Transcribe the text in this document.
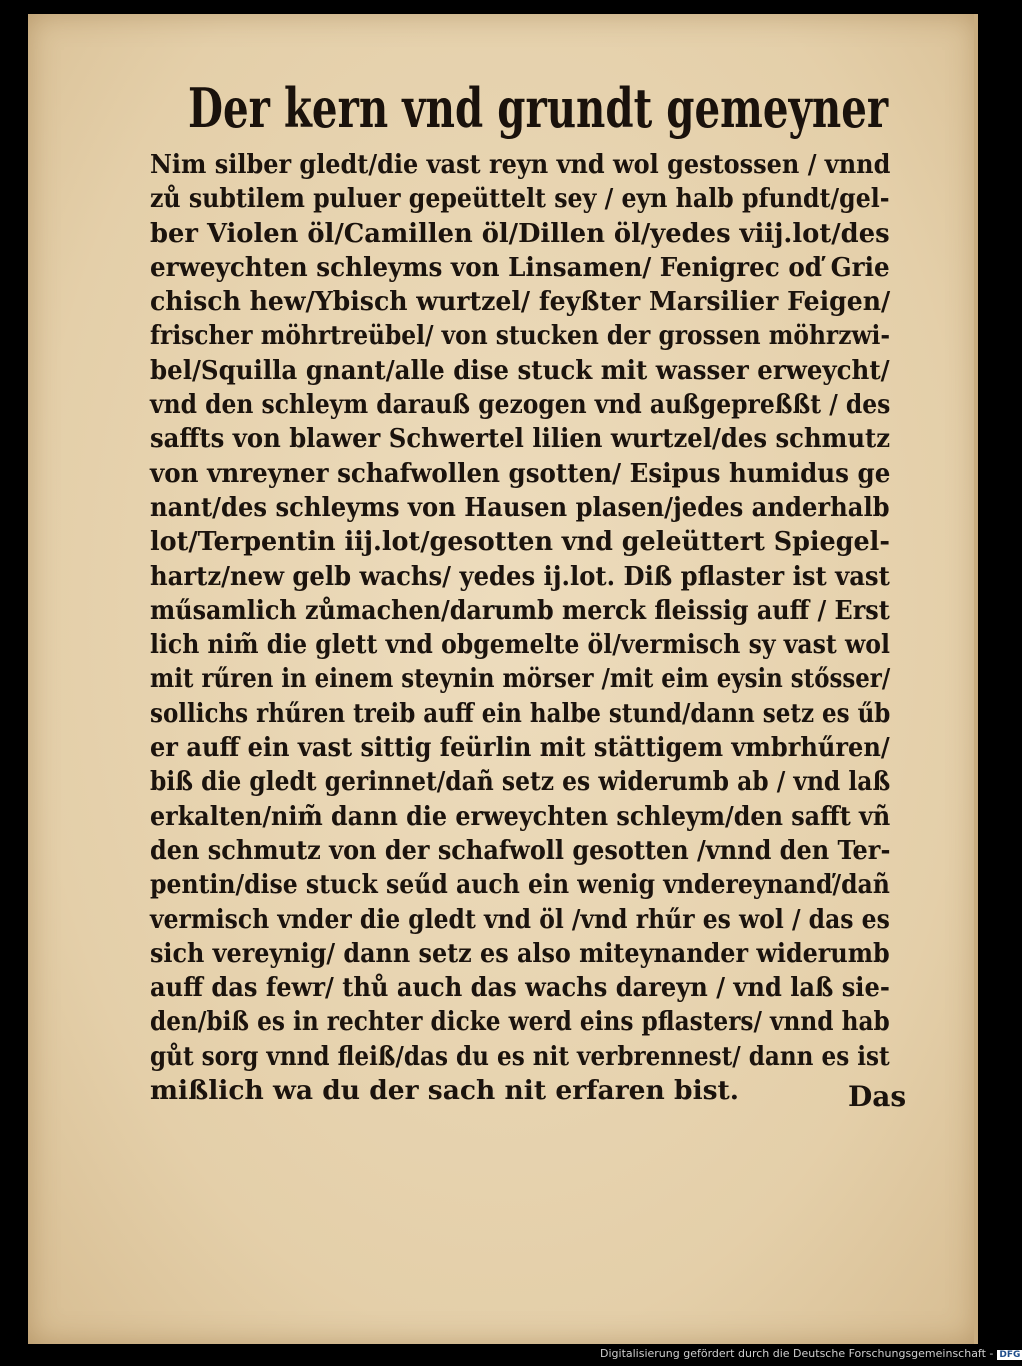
Der kern vnd grundt gemeyner
Nim silber gledt/die vast reyn vnd wol gestossen / vnnd
zů subtilem puluer gepeüttelt sey / eyn halb pfundt/gel-
ber Violen öl/Camillen öl/Dillen öl/yedes viij.lot/des
erweychten schleyms von Linsamen/ Fenigrec oď Grie
chisch hew/Ybisch wurtzel/ feyßter Marsilier Feigen/
frischer möhrtreübel/ von stucken der grossen möhrzwi-
bel/Squilla gnant/alle dise stuck mit wasser erweycht/
vnd den schleym darauß gezogen vnd außgepreßßt / des
saffts von blawer Schwertel lilien wurtzel/des schmutz
von vnreyner schafwollen gsotten/ Esipus humidus ge
nant/des schleyms von Hausen plasen/jedes anderhalb
lot/Terpentin iij.lot/gesotten vnd geleüttert Spiegel-
hartz/new gelb wachs/ yedes ij.lot. Diß pflaster ist vast
műsamlich zůmachen/darumb merck fleissig auff / Erst
lich nim̃ die glett vnd obgemelte öl/vermisch sy vast wol
mit rűren in einem steynin mörser /mit eim eysin stősser/
sollichs rhűren treib auff ein halbe stund/dann setz es űb
er auff ein vast sittig feürlin mit stättigem vmbrhűren/
biß die gledt gerinnet/dañ setz es widerumb ab / vnd laß
erkalten/nim̃ dann die erweychten schleym/den safft vñ
den schmutz von der schafwoll gesotten /vnnd den Ter-
pentin/dise stuck seűd auch ein wenig vndereynanď/dañ
vermisch vnder die gledt vnd öl /vnd rhűr es wol / das es
sich vereynig/ dann setz es also miteynander widerumb
auff das fewr/ thů auch das wachs dareyn / vnd laß sie-
den/biß es in rechter dicke werd eins pflasters/ vnnd hab
gůt sorg vnnd fleiß/das du es nit verbrennest/ dann es ist
mißlich wa du der sach nit erfaren bist.	Das
Digitalisierung gefördert durch die Deutsche Forschungsgemeinschaft - DFG
